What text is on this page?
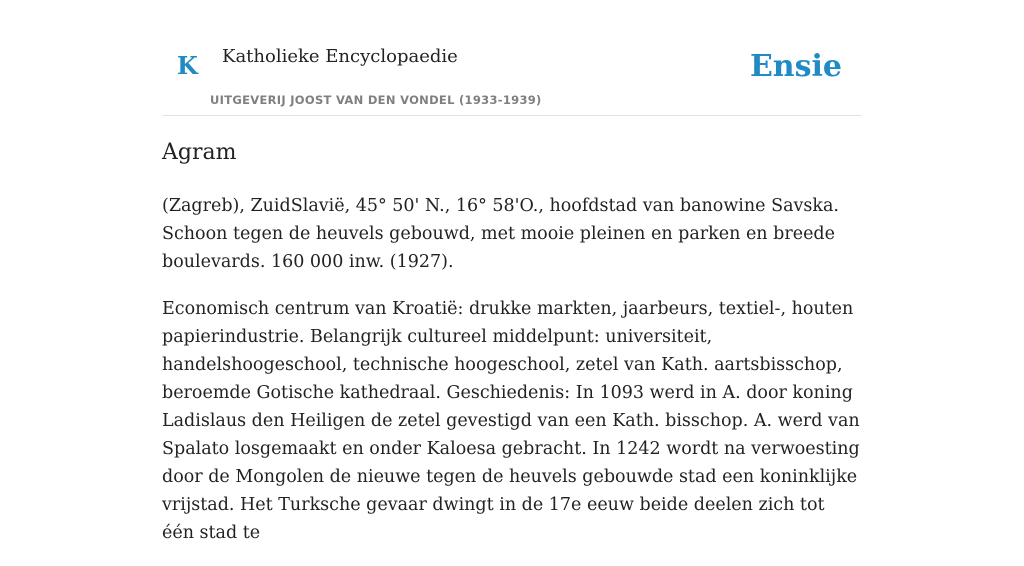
K Katholieke Encyclopaedie
UITGEVERIJ JOOST VAN DEN VONDEL (1933-1939)
Ensie
Agram

(Zagreb), ZuidSlavië, 45° 50' N., 16° 58'O., hoofdstad van banowine Savska. Schoon tegen de heuvels gebouwd, met mooie pleinen en parken en breede boulevards. 160 000 inw. (1927).

Economisch centrum van Kroatië: drukke markten, jaarbeurs, textiel-, houten papierindustrie. Belangrijk cultureel middelpunt: universiteit, handelshoogeschool, technische hoogeschool, zetel van Kath. aartsbisschop, beroemde Gotische kathedraal. Geschiedenis: In 1093 werd in A. door koning Ladislaus den Heiligen de zetel gevestigd van een Kath. bisschop. A. werd van Spalato losgemaakt en onder Kaloesa gebracht. In 1242 wordt na verwoesting door de Mongolen de nieuwe tegen de heuvels gebouwde stad een koninklijke vrijstad. Het Turksche gevaar dwingt in de 17e eeuw beide deelen zich tot één stad te
